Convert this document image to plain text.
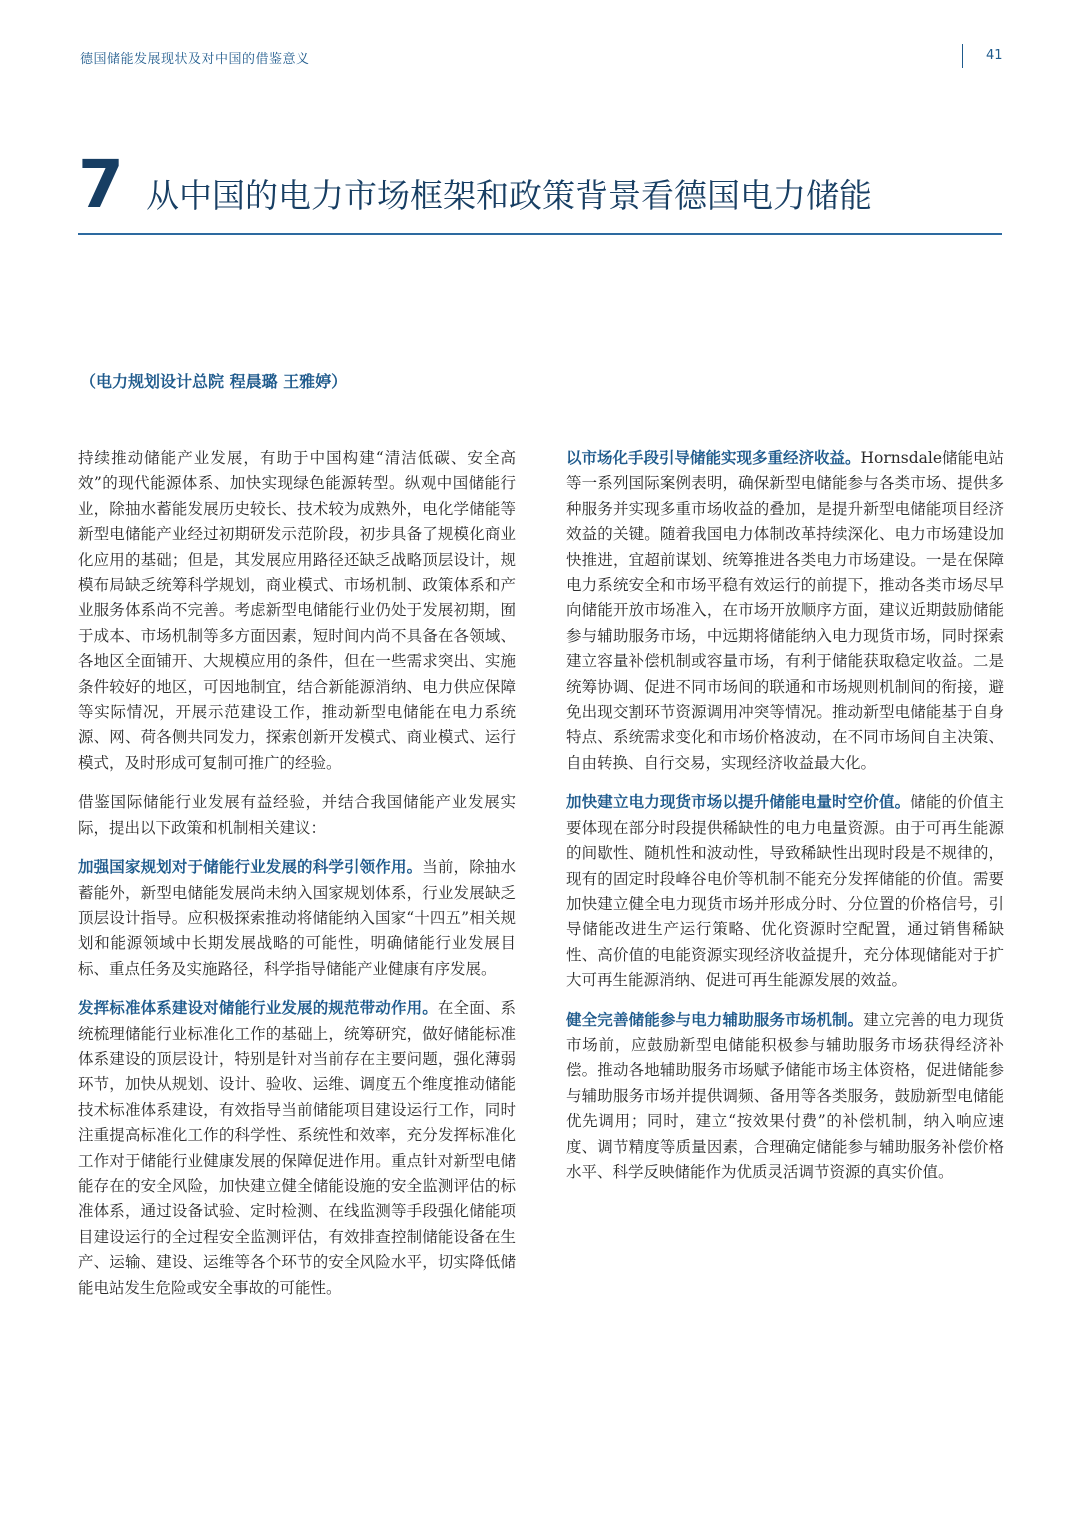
德国储能发展现状及对中国的借鉴意义	41
7 从中国的电力市场框架和政策背景看德国电力储能
（电力规划设计总院 程晨璐 王雅婷）

持续推动储能产业发展，有助于中国构建“清洁低碳、安全高效”的现代能源体系、加快实现绿色能源转型。纵观中国储能行业，除抽水蓄能发展历史较长、技术较为成熟外，电化学储能等新型电储能产业经过初期研发示范阶段，初步具备了规模化商业化应用的基础；但是，其发展应用路径还缺乏战略顶层设计，规模布局缺乏统筹科学规划，商业模式、市场机制、政策体系和产业服务体系尚不完善。考虑新型电储能行业仍处于发展初期，囿于成本、市场机制等多方面因素，短时间内尚不具备在各领域、各地区全面铺开、大规模应用的条件，但在一些需求突出、实施条件较好的地区，可因地制宜，结合新能源消纳、电力供应保障等实际情况，开展示范建设工作，推动新型电储能在电力系统源、网、荷各侧共同发力，探索创新开发模式、商业模式、运行模式，及时形成可复制可推广的经验。

借鉴国际储能行业发展有益经验，并结合我国储能产业发展实际，提出以下政策和机制相关建议：

加强国家规划对于储能行业发展的科学引领作用。当前，除抽水蓄能外，新型电储能发展尚未纳入国家规划体系，行业发展缺乏顶层设计指导。应积极探索推动将储能纳入国家“十四五”相关规划和能源领域中长期发展战略的可能性，明确储能行业发展目标、重点任务及实施路径，科学指导储能产业健康有序发展。

发挥标准体系建设对储能行业发展的规范带动作用。在全面、系统梳理储能行业标准化工作的基础上，统筹研究，做好储能标准体系建设的顶层设计，特别是针对当前存在主要问题，强化薄弱环节，加快从规划、设计、验收、运维、调度五个维度推动储能技术标准体系建设，有效指导当前储能项目建设运行工作，同时注重提高标准化工作的科学性、系统性和效率，充分发挥标准化工作对于储能行业健康发展的保障促进作用。重点针对新型电储能存在的安全风险，加快建立健全储能设施的安全监测评估的标准体系，通过设备试验、定时检测、在线监测等手段强化储能项目建设运行的全过程安全监测评估，有效排查控制储能设备在生产、运输、建设、运维等各个环节的安全风险水平，切实降低储能电站发生危险或安全事故的可能性。

以市场化手段引导储能实现多重经济收益。Hornsdale储能电站等一系列国际案例表明，确保新型电储能参与各类市场、提供多种服务并实现多重市场收益的叠加，是提升新型电储能项目经济效益的关键。随着我国电力体制改革持续深化、电力市场建设加快推进，宜超前谋划、统筹推进各类电力市场建设。一是在保障电力系统安全和市场平稳有效运行的前提下，推动各类市场尽早向储能开放市场准入，在市场开放顺序方面，建议近期鼓励储能参与辅助服务市场，中远期将储能纳入电力现货市场，同时探索建立容量补偿机制或容量市场，有利于储能获取稳定收益。二是统筹协调、促进不同市场间的联通和市场规则机制间的衔接，避免出现交割环节资源调用冲突等情况。推动新型电储能基于自身特点、系统需求变化和市场价格波动，在不同市场间自主决策、自由转换、自行交易，实现经济收益最大化。

加快建立电力现货市场以提升储能电量时空价值。储能的价值主要体现在部分时段提供稀缺性的电力电量资源。由于可再生能源的间歇性、随机性和波动性，导致稀缺性出现时段是不规律的，现有的固定时段峰谷电价等机制不能充分发挥储能的价值。需要加快建立健全电力现货市场并形成分时、分位置的价格信号，引导储能改进生产运行策略、优化资源时空配置，通过销售稀缺性、高价值的电能资源实现经济收益提升，充分体现储能对于扩大可再生能源消纳、促进可再生能源发展的效益。

健全完善储能参与电力辅助服务市场机制。建立完善的电力现货市场前，应鼓励新型电储能积极参与辅助服务市场获得经济补偿。推动各地辅助服务市场赋予储能市场主体资格，促进储能参与辅助服务市场并提供调频、备用等各类服务，鼓励新型电储能优先调用；同时，建立“按效果付费”的补偿机制，纳入响应速度、调节精度等质量因素，合理确定储能参与辅助服务补偿价格水平、科学反映储能作为优质灵活调节资源的真实价值。
